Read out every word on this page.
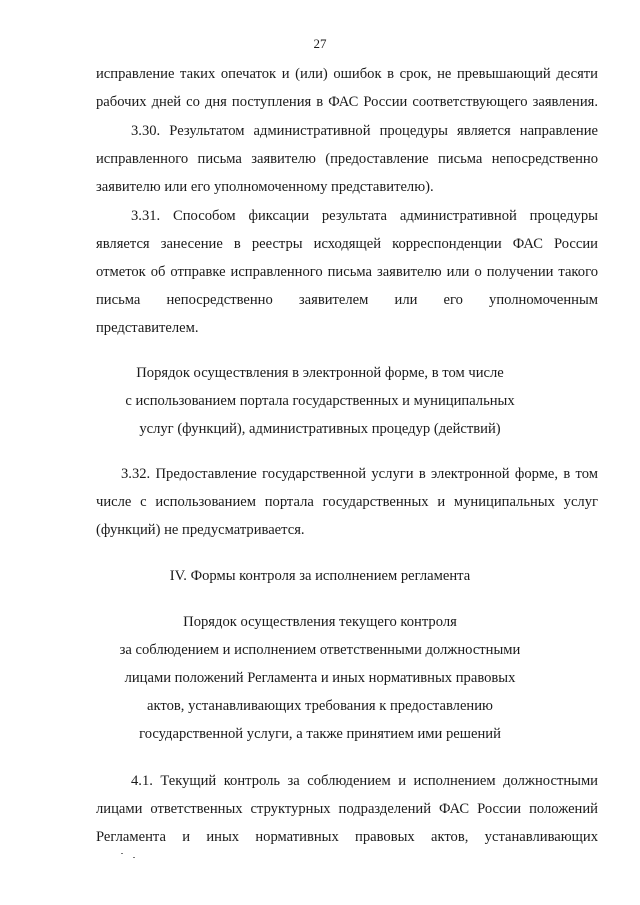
27
исправление таких опечаток и (или) ошибок в срок, не превышающий десяти
рабочих дней со дня поступления в ФАС России соответствующего заявления.
3.30. Результатом административной процедуры является направление
исправленного письма заявителю (предоставление письма непосредственно
заявителю или его уполномоченному представителю).
3.31. Способом фиксации результата административной процедуры
является занесение в реестры исходящей корреспонденции ФАС России
отметок об отправке исправленного письма заявителю или о получении такого
письма непосредственно заявителем или его уполномоченным
представителем.
Порядок осуществления в электронной форме, в том числе
с использованием портала государственных и муниципальных
услуг (функций), административных процедур (действий)
3.32. Предоставление государственной услуги в электронной форме, в том
числе с использованием портала государственных и муниципальных услуг
(функций) не предусматривается.
IV. Формы контроля за исполнением регламента
Порядок осуществления текущего контроля
за соблюдением и исполнением ответственными должностными
лицами положений Регламента и иных нормативных правовых
актов, устанавливающих требования к предоставлению
государственной услуги, а также принятием ими решений
4.1. Текущий контроль за соблюдением и исполнением должностными
лицами ответственных структурных подразделений ФАС России положений
Регламента и иных нормативных правовых актов, устанавливающих
